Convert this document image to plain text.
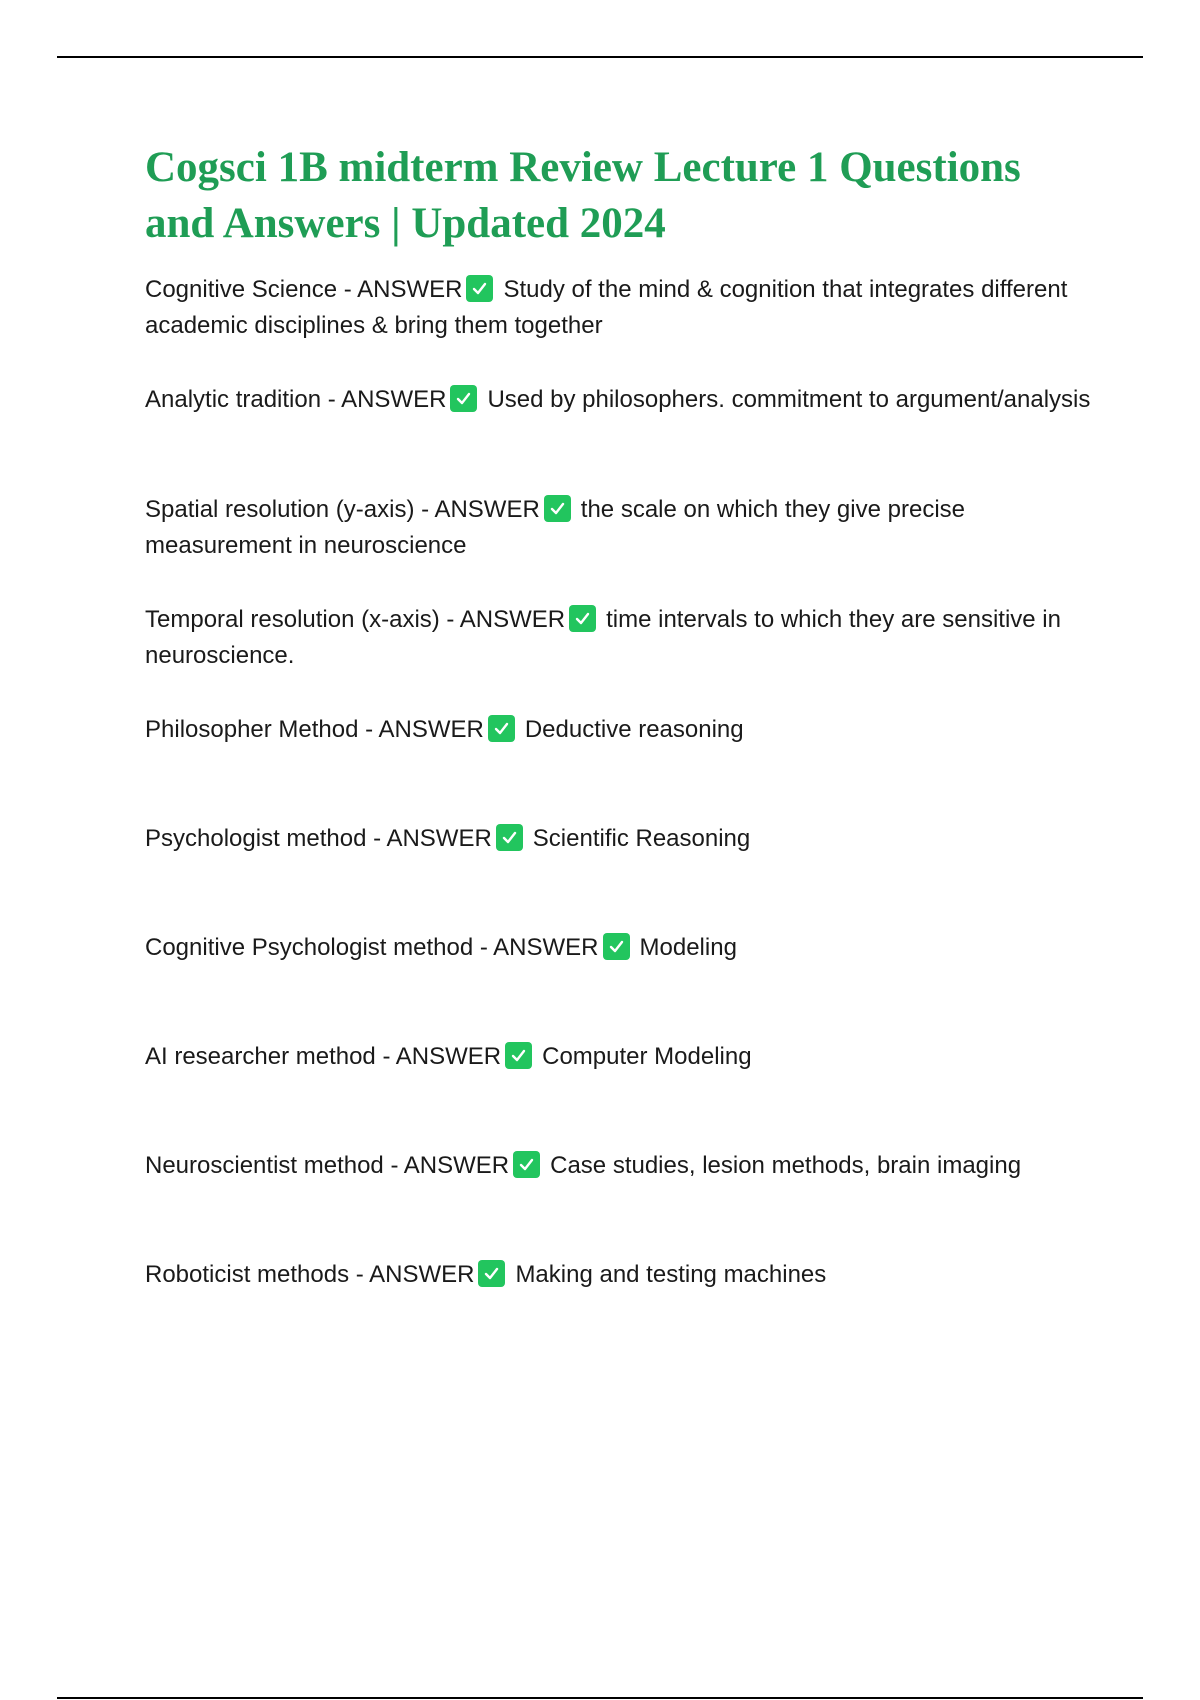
Cogsci 1B midterm Review Lecture 1 Questions and Answers | Updated 2024
Cognitive Science - ANSWER Study of the mind & cognition that integrates different academic disciplines & bring them together
Analytic tradition - ANSWER Used by philosophers. commitment to argument/analysis
Spatial resolution (y-axis) - ANSWER the scale on which they give precise measurement in neuroscience
Temporal resolution (x-axis) - ANSWER time intervals to which they are sensitive in neuroscience.
Philosopher Method - ANSWER Deductive reasoning
Psychologist method - ANSWER Scientific Reasoning
Cognitive Psychologist method - ANSWER Modeling
AI researcher method - ANSWER Computer Modeling
Neuroscientist method - ANSWER Case studies, lesion methods, brain imaging
Roboticist methods - ANSWER Making and testing machines
